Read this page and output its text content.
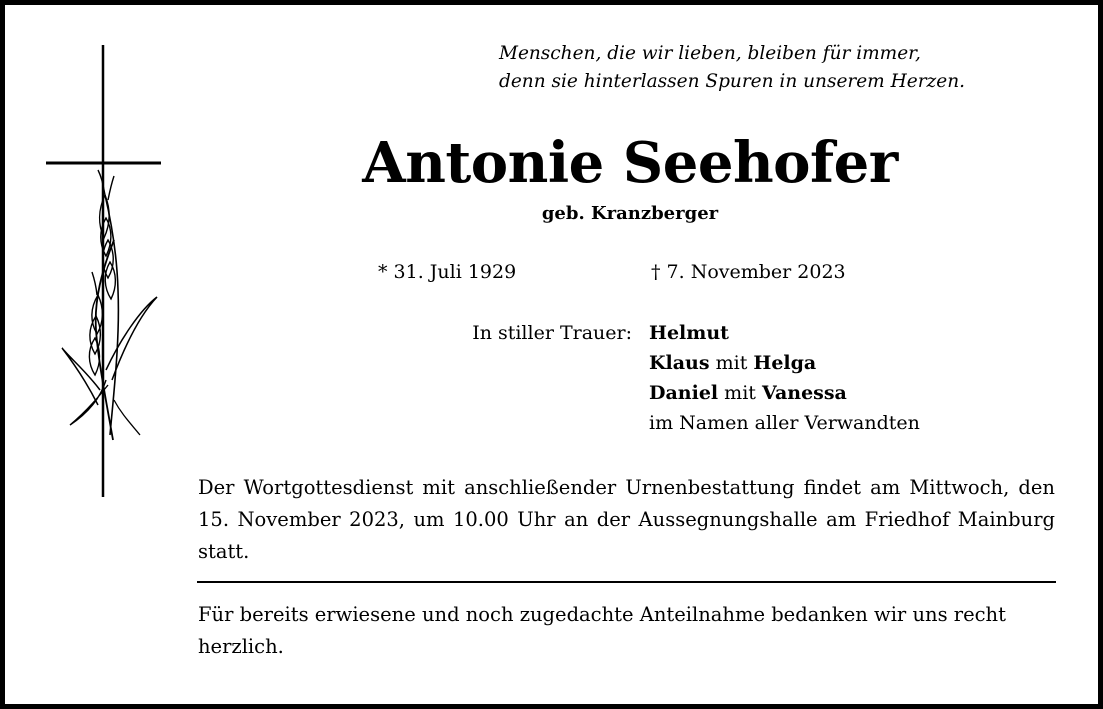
Menschen, die wir lieben, bleiben für immer,
denn sie hinterlassen Spuren in unserem Herzen.
Antonie Seehofer
geb. Kranzberger
* 31. Juli 1929	† 7. November 2023
In stiller Trauer: Helmut
Klaus mit Helga
Daniel mit Vanessa
im Namen aller Verwandten
Der Wortgottesdienst mit anschließender Urnenbestattung findet am Mittwoch, den 15. November 2023, um 10.00 Uhr an der Aussegnungshalle am Friedhof Mainburg statt.
Für bereits erwiesene und noch zugedachte Anteilnahme bedanken wir uns recht herzlich.
